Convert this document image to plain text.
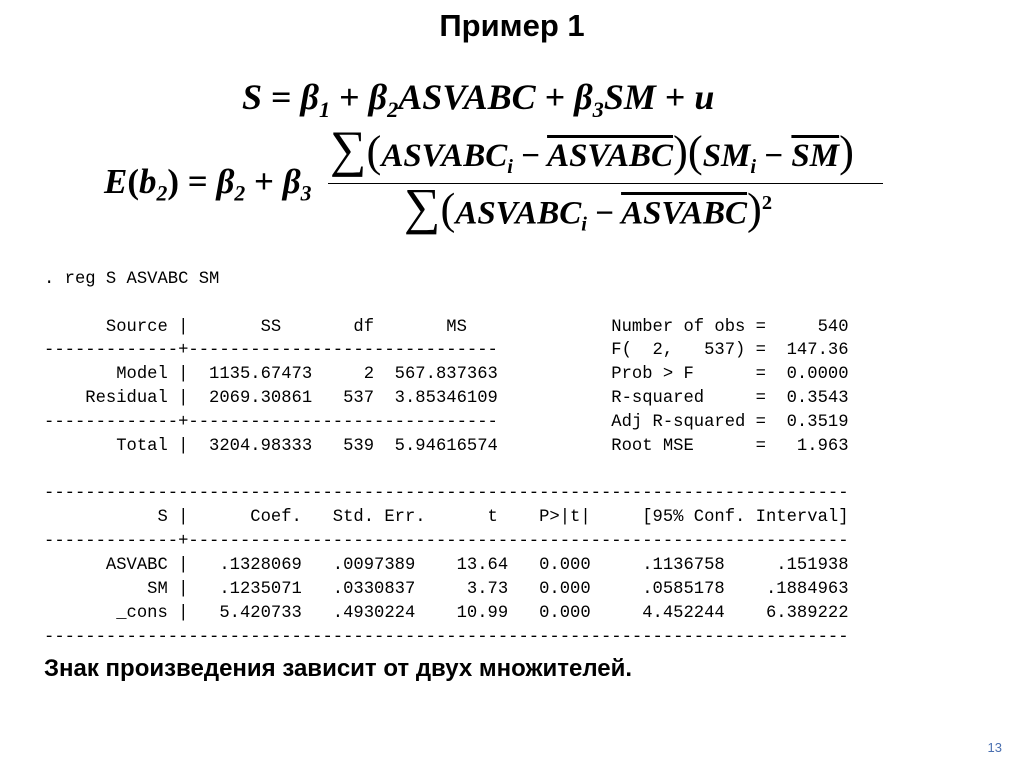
Пример 1
$S = \beta_1$ + $\beta_2ASVABC + \beta_3SM + u$
$E(b_2) = \beta_2 + \beta_3$
$\sum(ASVABC_i$ − $ASVABC)(SM_i - \overline{SM})$
$\sum(ASVABC_i$ − ASVABC)$^2$

. reg S ASVABC SM
Source |       SS       df       MS              Number of obs =     540
-------------+------------------------------           F(  2,   537) =  147.36
Model |  1135.67473     2  567.837363           Prob > F      =  0.0000
Residual |  2069.30861   537  3.85346109           R-squared     =  0.3543
-------------+------------------------------           Adj R-squared =  0.3519
Total |  3204.98333   539  5.94616574           Root MSE      =   1.963
------------------------------------------------------------------------------
S |      Coef.   Std. Err.      t    P>|t|     [95% Conf. Interval]
-------------+----------------------------------------------------------------
ASVABC |   .1328069   .0097389    13.64   0.000     .1136758     .151938
SM |   .1235071   .0330837     3.73   0.000     .0585178    .1884963
_cons |   5.420733   .4930224    10.99   0.000     4.452244    6.389222
------------------------------------------------------------------------------

Знак произведения зависит от двух множителей.
13
